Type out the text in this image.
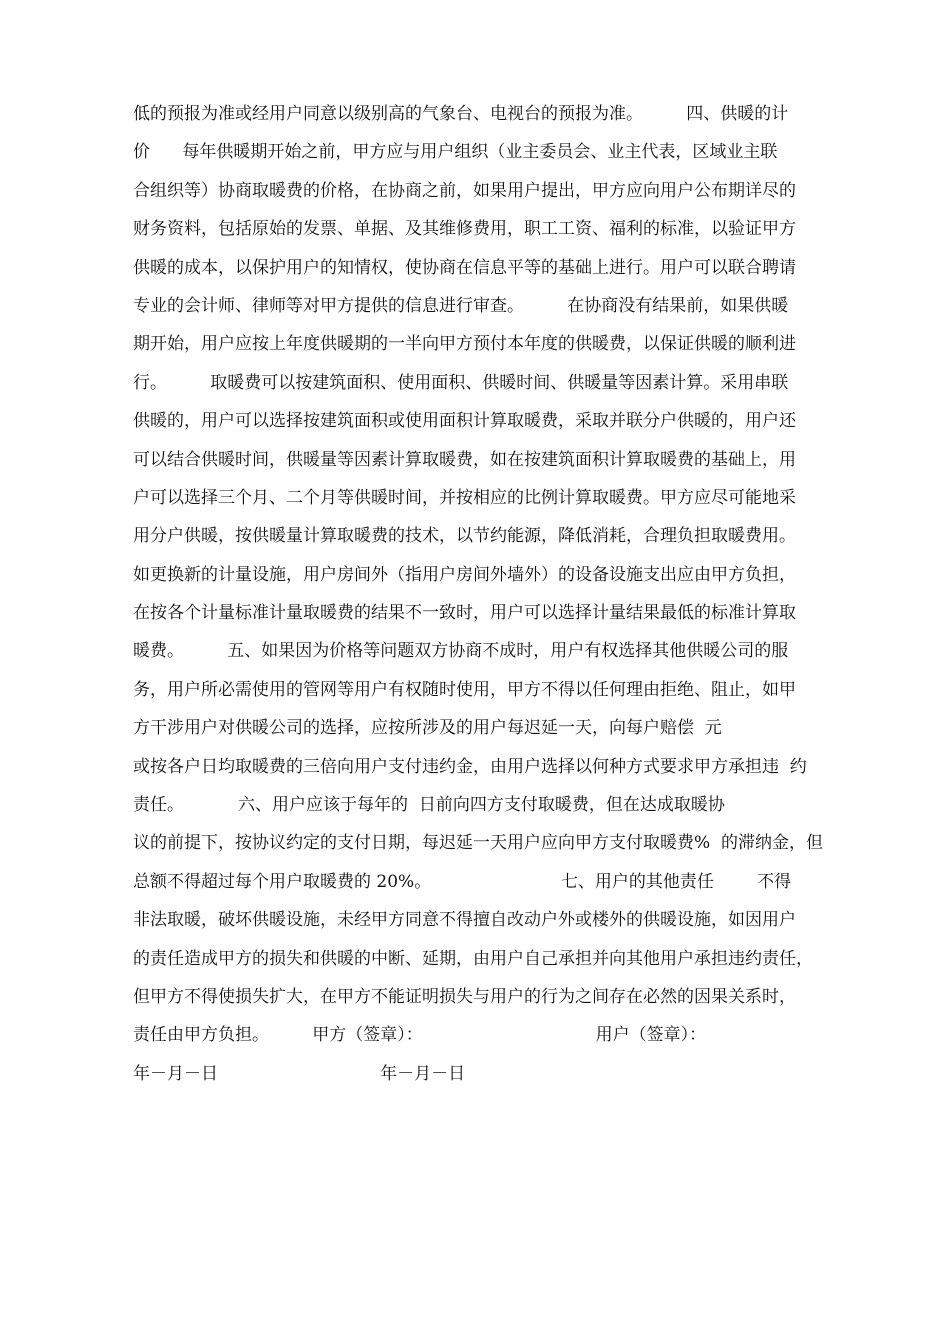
低的预报为准或经用户同意以级别高的气象台、电视台的预报为准。        四、供暖的计
价      每年供暖期开始之前，甲方应与用户组织（业主委员会、业主代表，区域业主联
合组织等）协商取暖费的价格，在协商之前，如果用户提出，甲方应向用户公布期详尽的
财务资料，包括原始的发票、单据、及其维修费用，职工工资、福利的标准，以验证甲方
供暖的成本，以保护用户的知情权，使协商在信息平等的基础上进行。用户可以联合聘请
专业的会计师、律师等对甲方提供的信息进行审查。        在协商没有结果前，如果供暖
期开始，用户应按上年度供暖期的一半向甲方预付本年度的供暖费，以保证供暖的顺利进
行。        取暖费可以按建筑面积、使用面积、供暖时间、供暖量等因素计算。采用串联
供暖的，用户可以选择按建筑面积或使用面积计算取暖费，采取并联分户供暖的，用户还
可以结合供暖时间，供暖量等因素计算取暖费，如在按建筑面积计算取暖费的基础上，用
户可以选择三个月、二个月等供暖时间，并按相应的比例计算取暖费。甲方应尽可能地采
用分户供暖，按供暖量计算取暖费的技术，以节约能源，降低消耗，合理负担取暖费用。
如更换新的计量设施，用户房间外（指用户房间外墙外）的设备设施支出应由甲方负担，
在按各个计量标准计量取暖费的结果不一致时，用户可以选择计量结果最低的标准计算取
暖费。        五、如果因为价格等问题双方协商不成时，用户有权选择其他供暖公司的服
务，用户所必需使用的管网等用户有权随时使用，甲方不得以任何理由拒绝、阻止，如甲
方干涉用户对供暖公司的选择，应按所涉及的用户每迟延一天，向每户赔偿  元
或按各户日均取暖费的三倍向用户支付违约金，由用户选择以何种方式要求甲方承担违  约
责任。          六、用户应该于每年的  日前向四方支付取暖费，但在达成取暖协
议的前提下，按协议约定的支付日期，每迟延一天用户应向甲方支付取暖费%  的滞纳金，但
总额不得超过每个用户取暖费的 20%。                        七、用户的其他责任        不得
非法取暖，破坏供暖设施，未经甲方同意不得擅自改动户外或楼外的供暖设施，如因用户
的责任造成甲方的损失和供暖的中断、延期，由用户自己承担并向其他用户承担违约责任，
但甲方不得使损失扩大，在甲方不能证明损失与用户的行为之间存在必然的因果关系时，
责任由甲方负担。        甲方（签章）：                                用户（签章）：
年－月－日                              年－月－日
